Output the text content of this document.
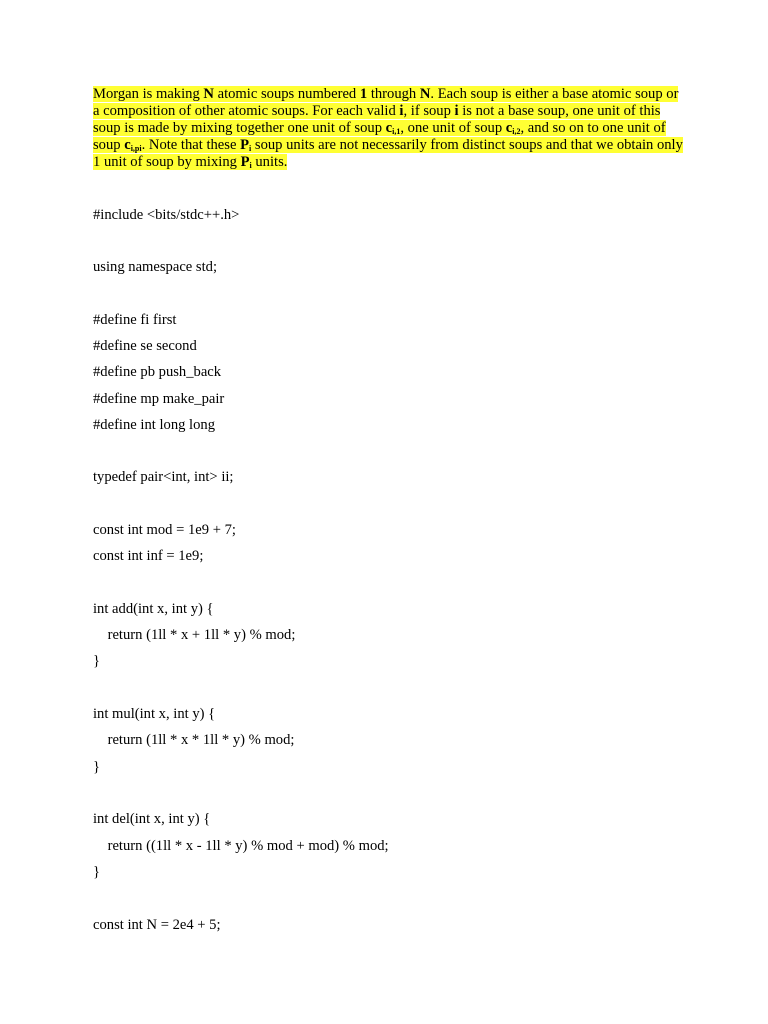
Morgan is making N atomic soups numbered 1 through N. Each soup is either a base atomic soup or a composition of other atomic soups. For each valid i, if soup i is not a base soup, one unit of this soup is made by mixing together one unit of soup $c_{i,1}$, one unit of soup $c_{i,2}$, and so on to one unit of soup $c_{i,pi}$. Note that these $P_i$ soup units are not necessarily from distinct soups and that we obtain only 1 unit of soup by mixing $P_i$ units.
#include <bits/stdc++.h>
using namespace std;
#define fi first
#define se second
#define pb push_back
#define mp make_pair
#define int long long
typedef pair<int, int> ii;
const int mod = 1e9 + 7;
const int inf = 1e9;
int add(int x, int y) {
return (1ll * x + 1ll * y) % mod;
}
int mul(int x, int y) {
return (1ll * x * 1ll * y) % mod;
}
int del(int x, int y) {
return ((1ll * x - 1ll * y) % mod + mod) % mod;
}
const int N = 2e4 + 5;
